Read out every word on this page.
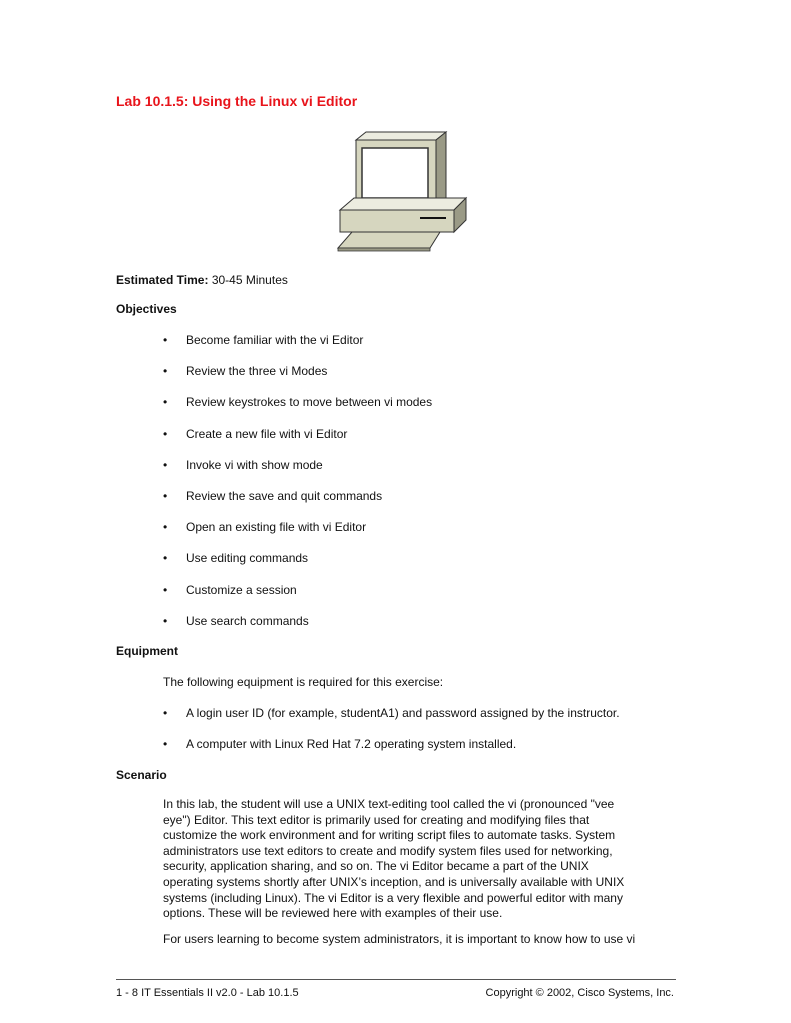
Lab 10.1.5: Using the Linux vi Editor
Estimated Time: 30-45 Minutes
Objectives
• Become familiar with the vi Editor
• Review the three vi Modes
• Review keystrokes to move between vi modes
• Create a new file with vi Editor
• Invoke vi with show mode
• Review the save and quit commands
• Open an existing file with vi Editor
• Use editing commands
• Customize a session
• Use search commands
Equipment
The following equipment is required for this exercise:
• A login user ID (for example, studentA1) and password assigned by the instructor.
• A computer with Linux Red Hat 7.2 operating system installed.
Scenario
In this lab, the student will use a UNIX text-editing tool called the vi (pronounced "vee
eye") Editor. This text editor is primarily used for creating and modifying files that
customize the work environment and for writing script files to automate tasks. System
administrators use text editors to create and modify system files used for networking,
security, application sharing, and so on. The vi Editor became a part of the UNIX
operating systems shortly after UNIX’s inception, and is universally available with UNIX
systems (including Linux). The vi Editor is a very flexible and powerful editor with many
options. These will be reviewed here with examples of their use.
For users learning to become system administrators, it is important to know how to use vi
1 - 8 IT Essentials II v2.0 - Lab 10.1.5	Copyright © 2002, Cisco Systems, Inc.
